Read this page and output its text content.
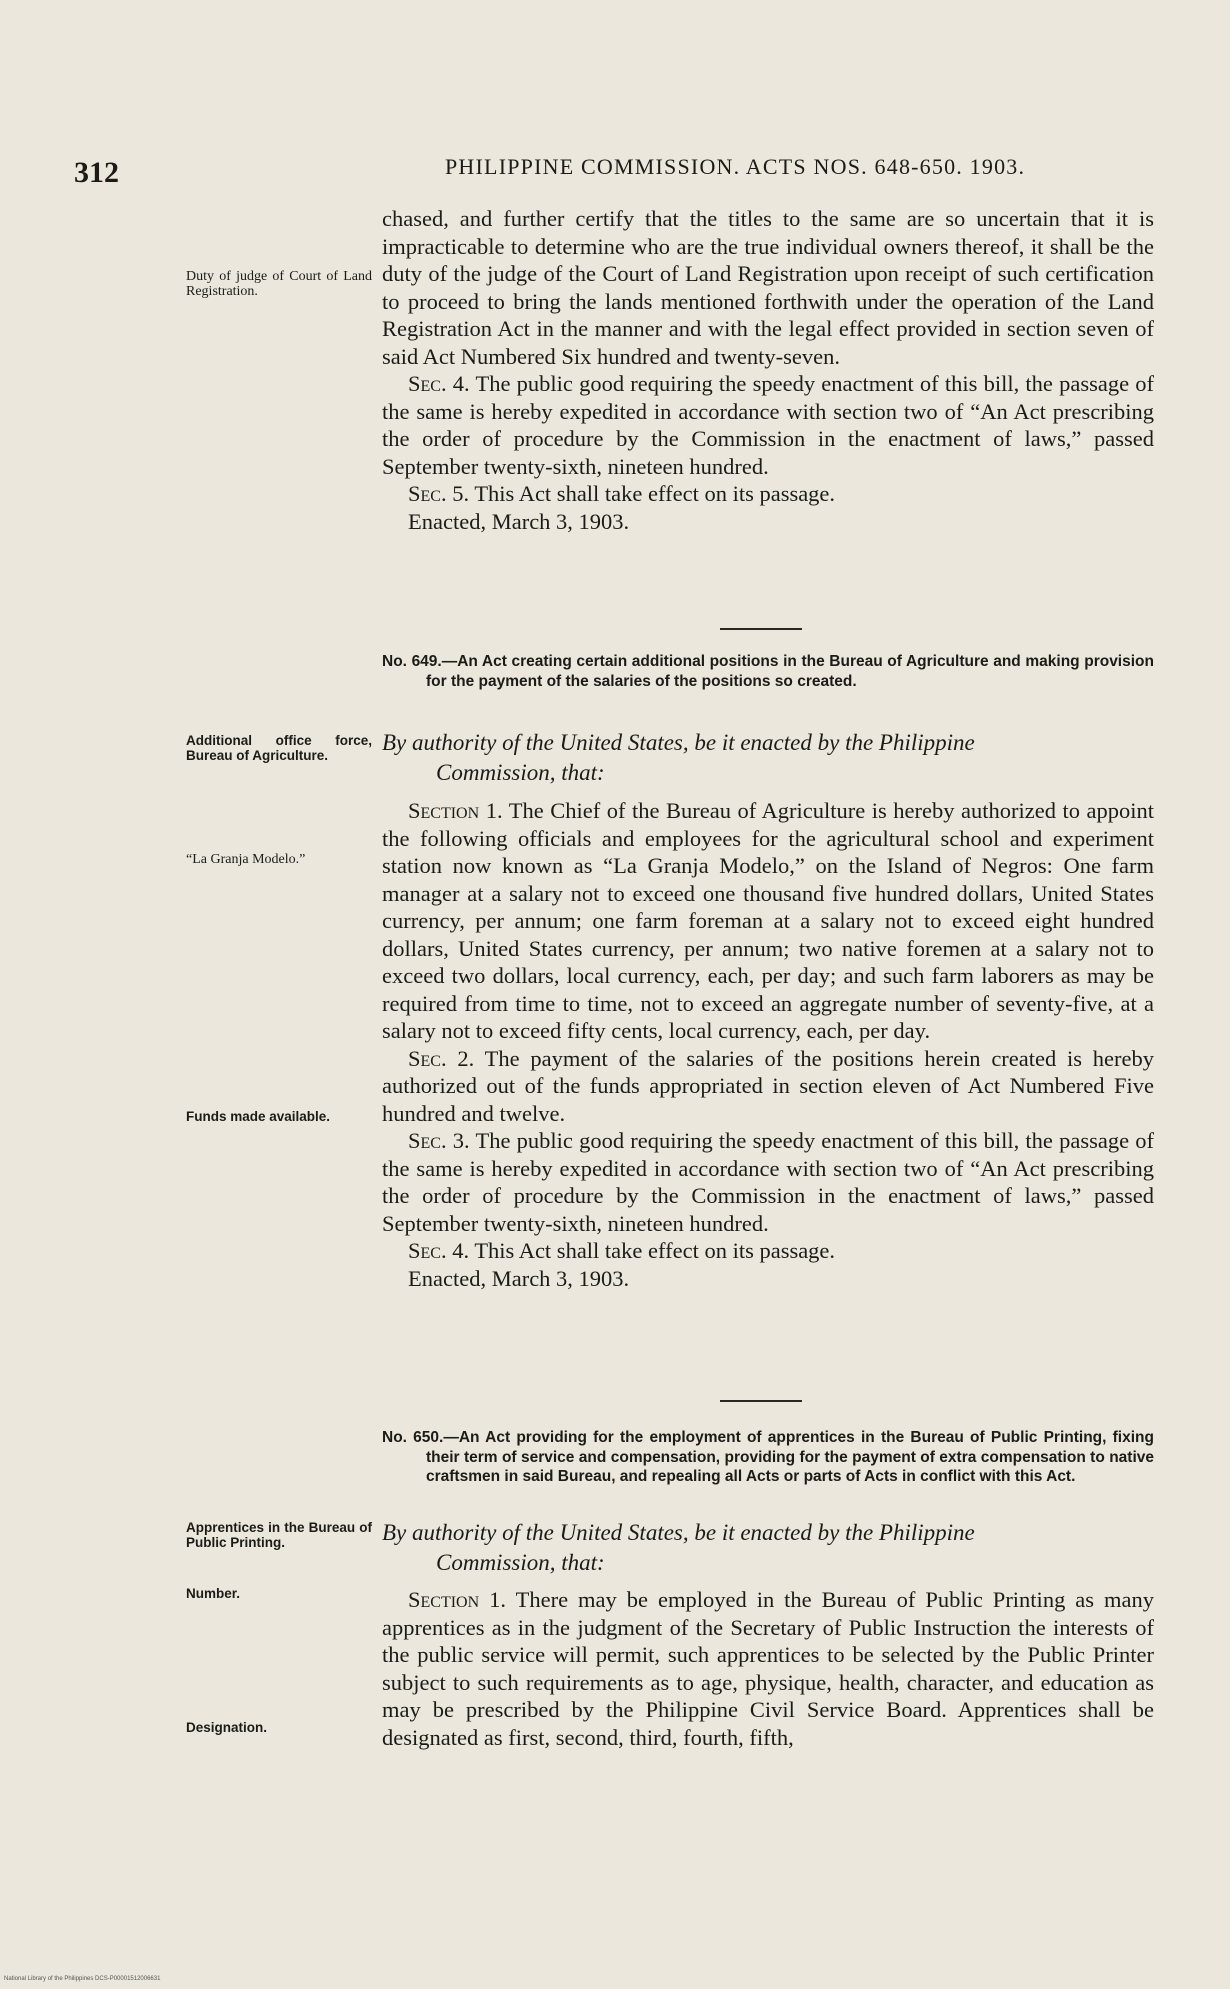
312	PHILIPPINE COMMISSION. ACTS NOS. 648-650. 1903.
Duty of judge of Court of Land Registration.

chased, and further certify that the titles to the same are so uncertain that it is impracticable to determine who are the true individual owners thereof, it shall be the duty of the judge of the Court of Land Registration upon receipt of such certification to proceed to bring the lands mentioned forthwith under the operation of the Land Registration Act in the manner and with the legal effect provided in section seven of said Act Numbered Six hundred and twenty-seven.

Sec. 4. The public good requiring the speedy enactment of this bill, the passage of the same is hereby expedited in accordance with section two of “An Act prescribing the order of procedure by the Commission in the enactment of laws,” passed September twenty-sixth, nineteen hundred.

Sec. 5. This Act shall take effect on its passage.

Enacted, March 3, 1903.

No. 649.—An Act creating certain additional positions in the Bureau of Agriculture and making provision for the payment of the salaries of the positions so created.
Additional office force, Bureau of Agriculture.
By authority of the United States, be it enacted by the Philippine
Commission, that:
“La Granja Modelo.”
Funds made available.

Section 1. The Chief of the Bureau of Agriculture is hereby authorized to appoint the following officials and employees for the agricultural school and experiment station now known as “La Granja Modelo,” on the Island of Negros: One farm manager at a salary not to exceed one thousand five hundred dollars, United States currency, per annum; one farm foreman at a salary not to exceed eight hundred dollars, United States currency, per annum; two native foremen at a salary not to exceed two dollars, local currency, each, per day; and such farm laborers as may be required from time to time, not to exceed an aggregate number of seventy-five, at a salary not to exceed fifty cents, local currency, each, per day.

Sec. 2. The payment of the salaries of the positions herein created is hereby authorized out of the funds appropriated in section eleven of Act Numbered Five hundred and twelve.

Sec. 3. The public good requiring the speedy enactment of this bill, the passage of the same is hereby expedited in accordance with section two of “An Act prescribing the order of procedure by the Commission in the enactment of laws,” passed September twenty-sixth, nineteen hundred.

Sec. 4. This Act shall take effect on its passage.

Enacted, March 3, 1903.

No. 650.—An Act providing for the employment of apprentices in the Bureau of Public Printing, fixing their term of service and compensation, providing for the payment of extra compensation to native craftsmen in said Bureau, and repealing all Acts or parts of Acts in conflict with this Act.
Apprentices in the Bureau of Public Printing.	By authority of the United States, be it enacted by the Philippine
Commission, that:
Number.
Designation.

Section 1. There may be employed in the Bureau of Public Printing as many apprentices as in the judgment of the Secretary of Public Instruction the interests of the public service will permit, such apprentices to be selected by the Public Printer subject to such requirements as to age, physique, health, character, and education as may be prescribed by the Philippine Civil Service Board. Apprentices shall be designated as first, second, third, fourth, fifth,

National Library of the Philippines DCS-P00001512006631
